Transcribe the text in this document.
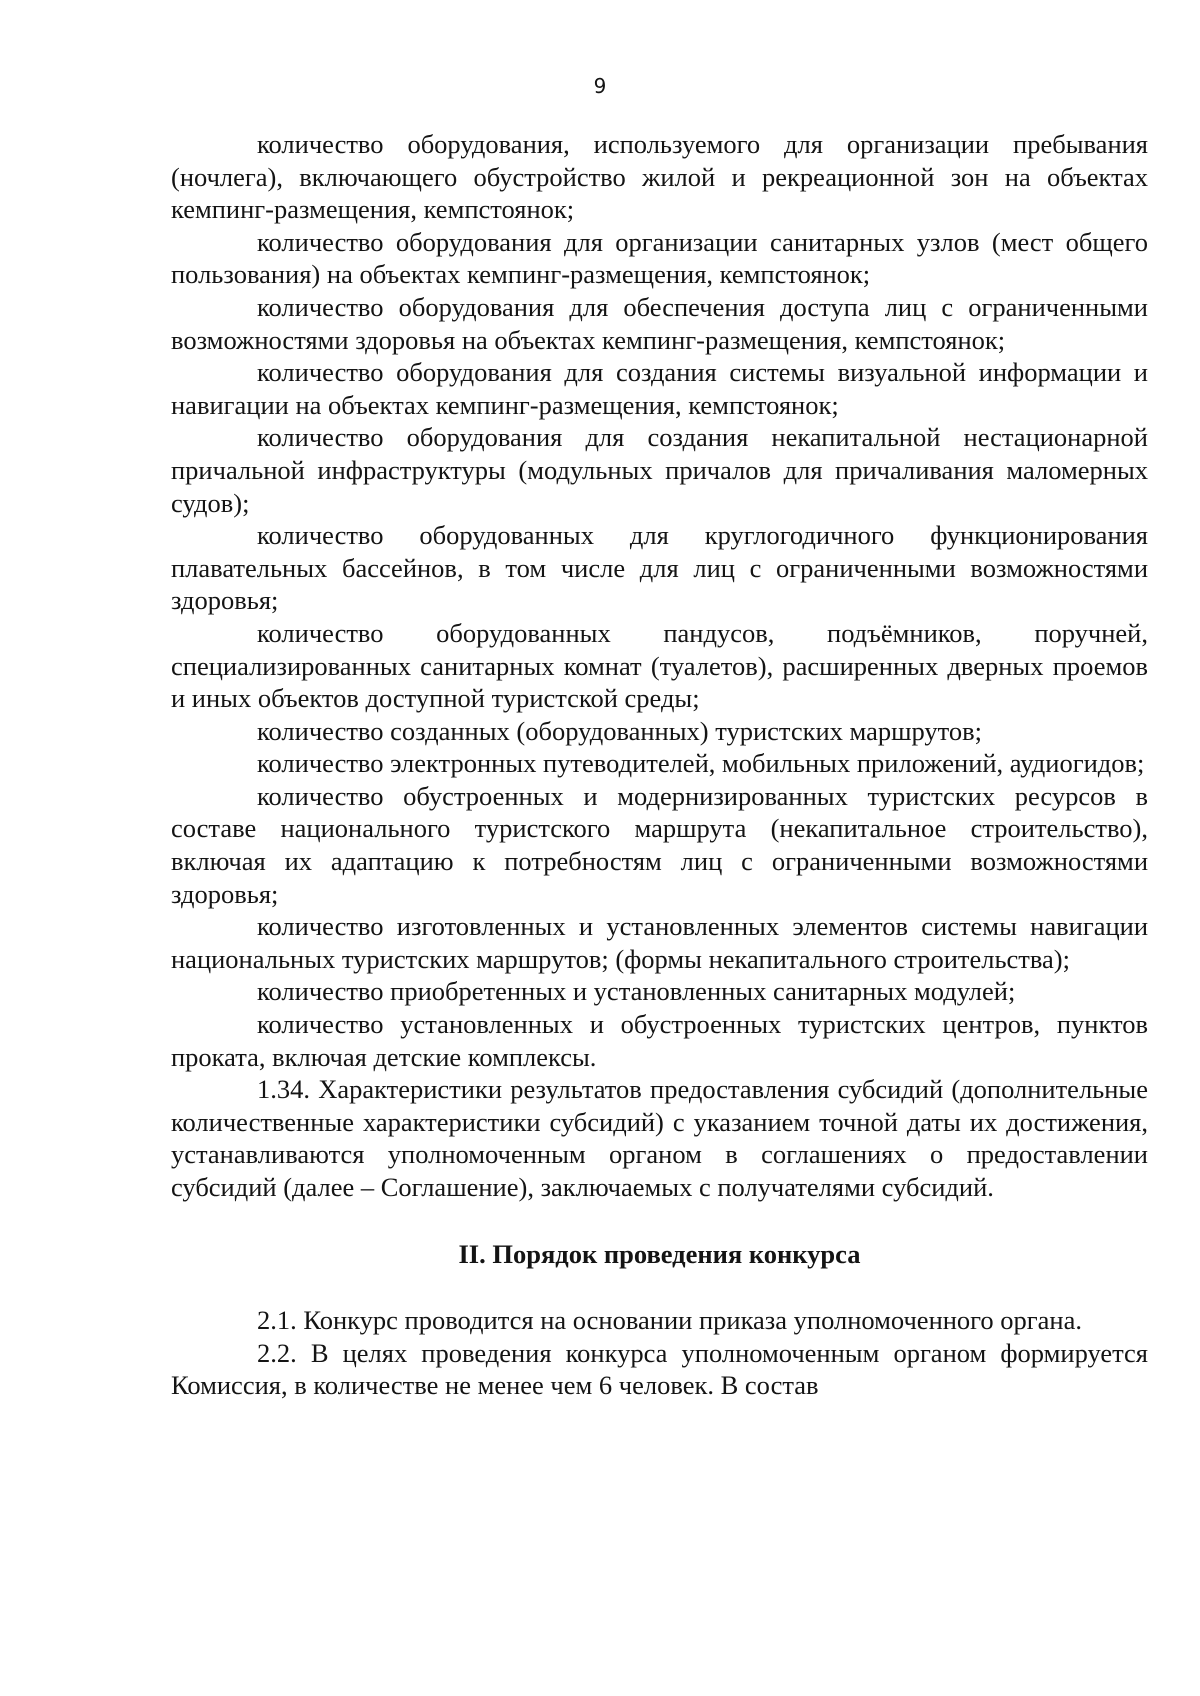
9

количество оборудования, используемого для организации пребывания (ночлега), включающего обустройство жилой и рекреационной зон на объектах кемпинг-размещения, кемпстоянок;

количество оборудования для организации санитарных узлов (мест общего пользования) на объектах кемпинг-размещения, кемпстоянок;

количество оборудования для обеспечения доступа лиц с ограниченными возможностями здоровья на объектах кемпинг-размещения, кемпстоянок;

количество оборудования для создания системы визуальной информации и навигации на объектах кемпинг-размещения, кемпстоянок;

количество оборудования для создания некапитальной нестационарной причальной инфраструктуры (модульных причалов для причаливания маломерных судов);

количество оборудованных для круглогодичного функционирования плавательных бассейнов, в том числе для лиц с ограниченными возможностями здоровья;

количество оборудованных пандусов, подъёмников, поручней, специализированных санитарных комнат (туалетов), расширенных дверных проемов и иных объектов доступной туристской среды;

количество созданных (оборудованных) туристских маршрутов;

количество электронных путеводителей, мобильных приложений, аудиогидов;

количество обустроенных и модернизированных туристских ресурсов в составе национального туристского маршрута (некапитальное строительство), включая их адаптацию к потребностям лиц с ограниченными возможностями здоровья;

количество изготовленных и установленных элементов системы навигации национальных туристских маршрутов; (формы некапитального строительства);

количество приобретенных и установленных санитарных модулей;

количество установленных и обустроенных туристских центров, пунктов проката, включая детские комплексы.

1.34. Характеристики результатов предоставления субсидий (дополнительные количественные характеристики субсидий) с указанием точной даты их достижения, устанавливаются уполномоченным органом в соглашениях о предоставлении субсидий (далее – Соглашение), заключаемых с получателями субсидий.

II. Порядок проведения конкурса

2.1. Конкурс проводится на основании приказа уполномоченного органа.

2.2. В целях проведения конкурса уполномоченным органом формируется Комиссия, в количестве не менее чем 6 человек. В состав
